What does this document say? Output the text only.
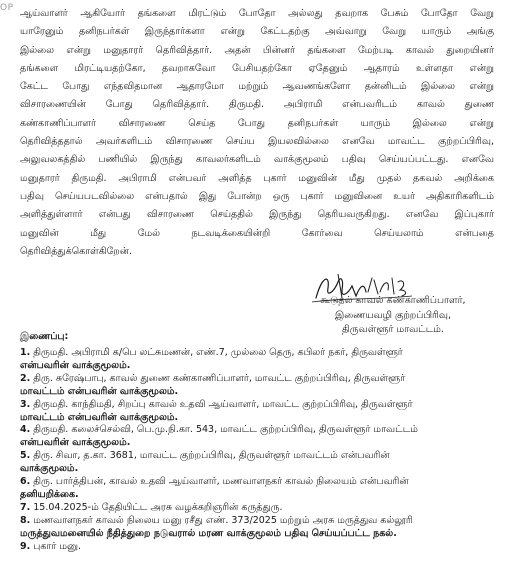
OP ஆய்வாளர் ஆகியோர் தங்களை மிரட்டும் போதோ அல்லது தவறாக பேசும் போதோ வேறு
யாரேனும் தனிநபர்கள் இருந்தார்களா என்று கேட்டதற்கு அவ்வாறு வேறு யாரும் அங்கு
இல்லை என்று மனுதாரர் தெரிவித்தார். அதன் பின்னர் தங்களை மேற்படி காவல் துறையினர்
தங்களை மிரட்டியதற்கோ, தவறாகவோ பேசியதற்கோ ஏதேனும் ஆதாரம் உள்ளதா என்று
கேட்ட போது எந்தவிதமான ஆதாரமோ மற்றும் ஆவணங்களோ தன்னிடம் இல்லை என்று
விசாரணையின் போது தெரிவித்தார். திருமதி. அபிராமி என்பவரிடம் காவல் துணை
கண்காணிப்பாளர் விசாரணை செய்த போது தனிநபர்கள் யாரும் இல்லை என்று
தெரிவித்ததால் அவர்களிடம் விசாரணை செய்ய இயலவில்லை எனவே மாவட்ட குற்றப்பிரிவு,
அலுவலகத்தில் பணியில் இருந்து காவலர்களிடம் வாக்குமூலம் பதிவு செய்யப்பட்டது. எனவே
மனுதாரர் திருமதி. அபிராமி என்பவர் அளித்த புகார் மனுவின் மீது முதல் தகவல் அறிக்கை
பதிவு செய்யபடவில்லை என்பதால் இது போன்ற ஒரு புகார் மனுவினை உயர் அதிகாரிகளிடம்
அளித்துள்ளார் என்பது விசாரணை செய்ததில் இருந்து தெரியவருகிறது. எனவே இப்புகார்
மனுவின் மீது மேல் நடவடிக்கையின்றி கோர்வை செய்யலாம் என்பதை
தெரிவித்துக்கொள்கிறேன்.
கூடுதல் காவல் கண்காணிப்பாளர்,
இணையவழி குற்றப்பிரிவு,
திருவள்ளூர் மாவட்டம்.
இணைப்பு:
1. திருமதி. அபிராமி க/பெ லட்சுமணன், எண்.7, முல்லை தெரு, கபிலர் நகர், திருவள்ளூர்
என்பவரின் வாக்குமூலம்.
2. திரு. சுரேஷ்பாபு, காவல் துணை கண்காணிப்பாளர், மாவட்ட குற்றப்பிரிவு, திருவள்ளூர்
மாவட்டம் என்பவரின் வாக்குமூலம்.
3. திருமதி. காந்திமதி, சிறப்பு காவல் உதவி ஆய்வாளர், மாவட்ட குற்றப்பிரிவு, திருவள்ளூர்
மாவட்டம் என்பவரின் வாக்குமூலம்.
4. திருமதி. கலைச்செல்வி, பெ.மு.நி.கா. 543, மாவட்ட குற்றப்பிரிவு, திருவள்ளூர் மாவட்டம்
என்பவரின் வாக்குமூலம்.
5. திரு. சிவா, த.கா. 3681, மாவட்ட குற்றப்பிரிவு, திருவள்ளூர் மாவட்டம் என்பவரின்
வாக்குமூலம்.
6. திரு. பார்த்திபன், காவல் உதவி ஆய்வாளர், மணவாளநகர் காவல் நிலையம் என்பவரின்
தனியறிக்கை.
7. 15.04.2025-ம் தேதியிட்ட அரசு வழக்கறிஞரின் கருத்துரு.
8. மணவாளநகர் காவல் நிலைய மனு ரசீது எண். 373/2025 மற்றும் அரசு மருத்துவ கல்லூரி
மருத்துவமனையில் நீதித்துறை நடுவரால் மரண வாக்குமூலம் பதிவு செய்யப்பட்ட நகல்.
9. புகார் மனு.
